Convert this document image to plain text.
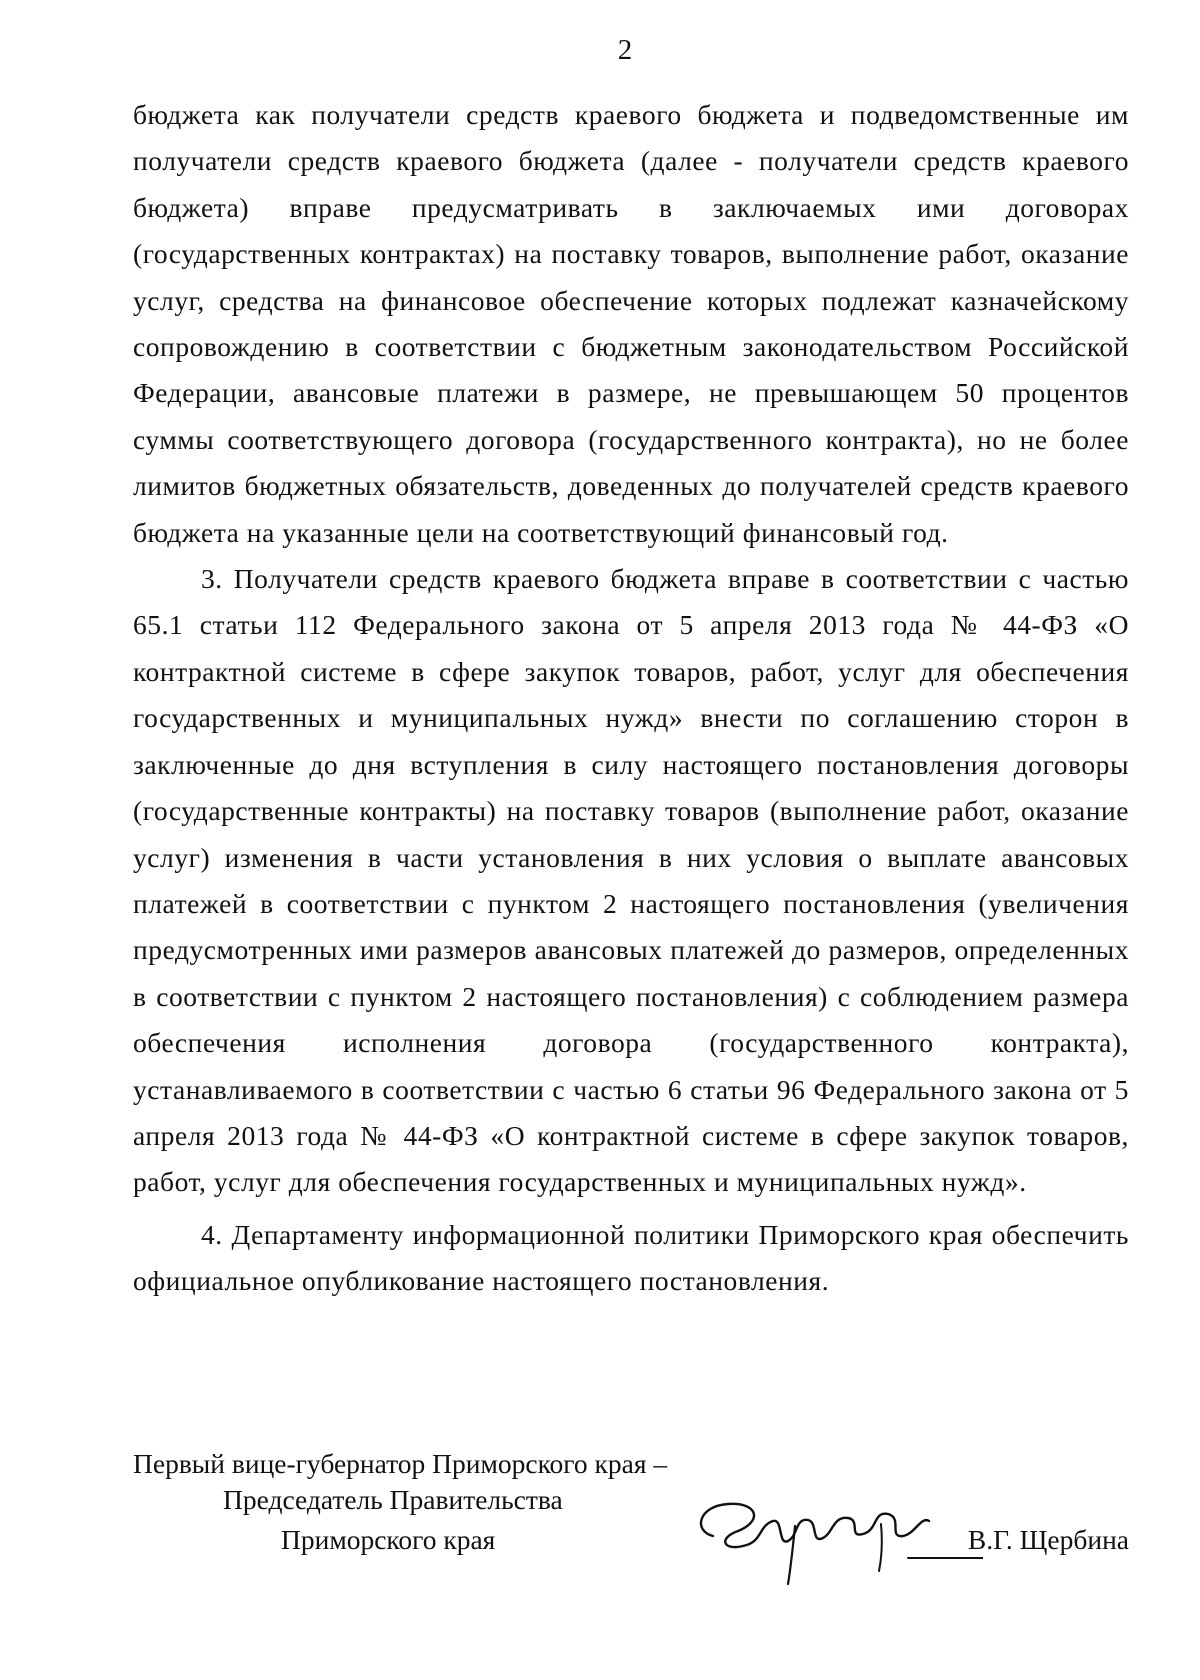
2

бюджета как получатели средств краевого бюджета и подведомственные им получатели средств краевого бюджета (далее - получатели средств краевого бюджета) вправе предусматривать в заключаемых ими договорах (государственных контрактах) на поставку товаров, выполнение работ, оказание услуг, средства на финансовое обеспечение которых подлежат казначейскому сопровождению в соответствии с бюджетным законодательством Российской Федерации, авансовые платежи в размере, не превышающем 50 процентов суммы соответствующего договора (государственного контракта), но не более лимитов бюджетных обязательств, доведенных до получателей средств краевого бюджета на указанные цели на соответствующий финансовый год.

3. Получатели средств краевого бюджета вправе в соответствии с частью 65.1 статьи 112 Федерального закона от 5 апреля 2013 года № 44-ФЗ «О контрактной системе в сфере закупок товаров, работ, услуг для обеспечения государственных и муниципальных нужд» внести по соглашению сторон в заключенные до дня вступления в силу настоящего постановления договоры (государственные контракты) на поставку товаров (выполнение работ, оказание услуг) изменения в части установления в них условия о выплате авансовых платежей в соответствии с пунктом 2 настоящего постановления (увеличения предусмотренных ими размеров авансовых платежей до размеров, определенных в соответствии с пунктом 2 настоящего постановления) с соблюдением размера обеспечения исполнения договора (государственного контракта), устанавливаемого в соответствии с частью 6 статьи 96 Федерального закона от 5 апреля 2013 года № 44-ФЗ «О контрактной системе в сфере закупок товаров, работ, услуг для обеспечения государственных и муниципальных нужд».

4. Департаменту информационной политики Приморского края обеспечить официальное опубликование настоящего постановления.

Первый вице-губернатор Приморского края –
Председатель Правительства
Приморского края	В.Г. Щербина
